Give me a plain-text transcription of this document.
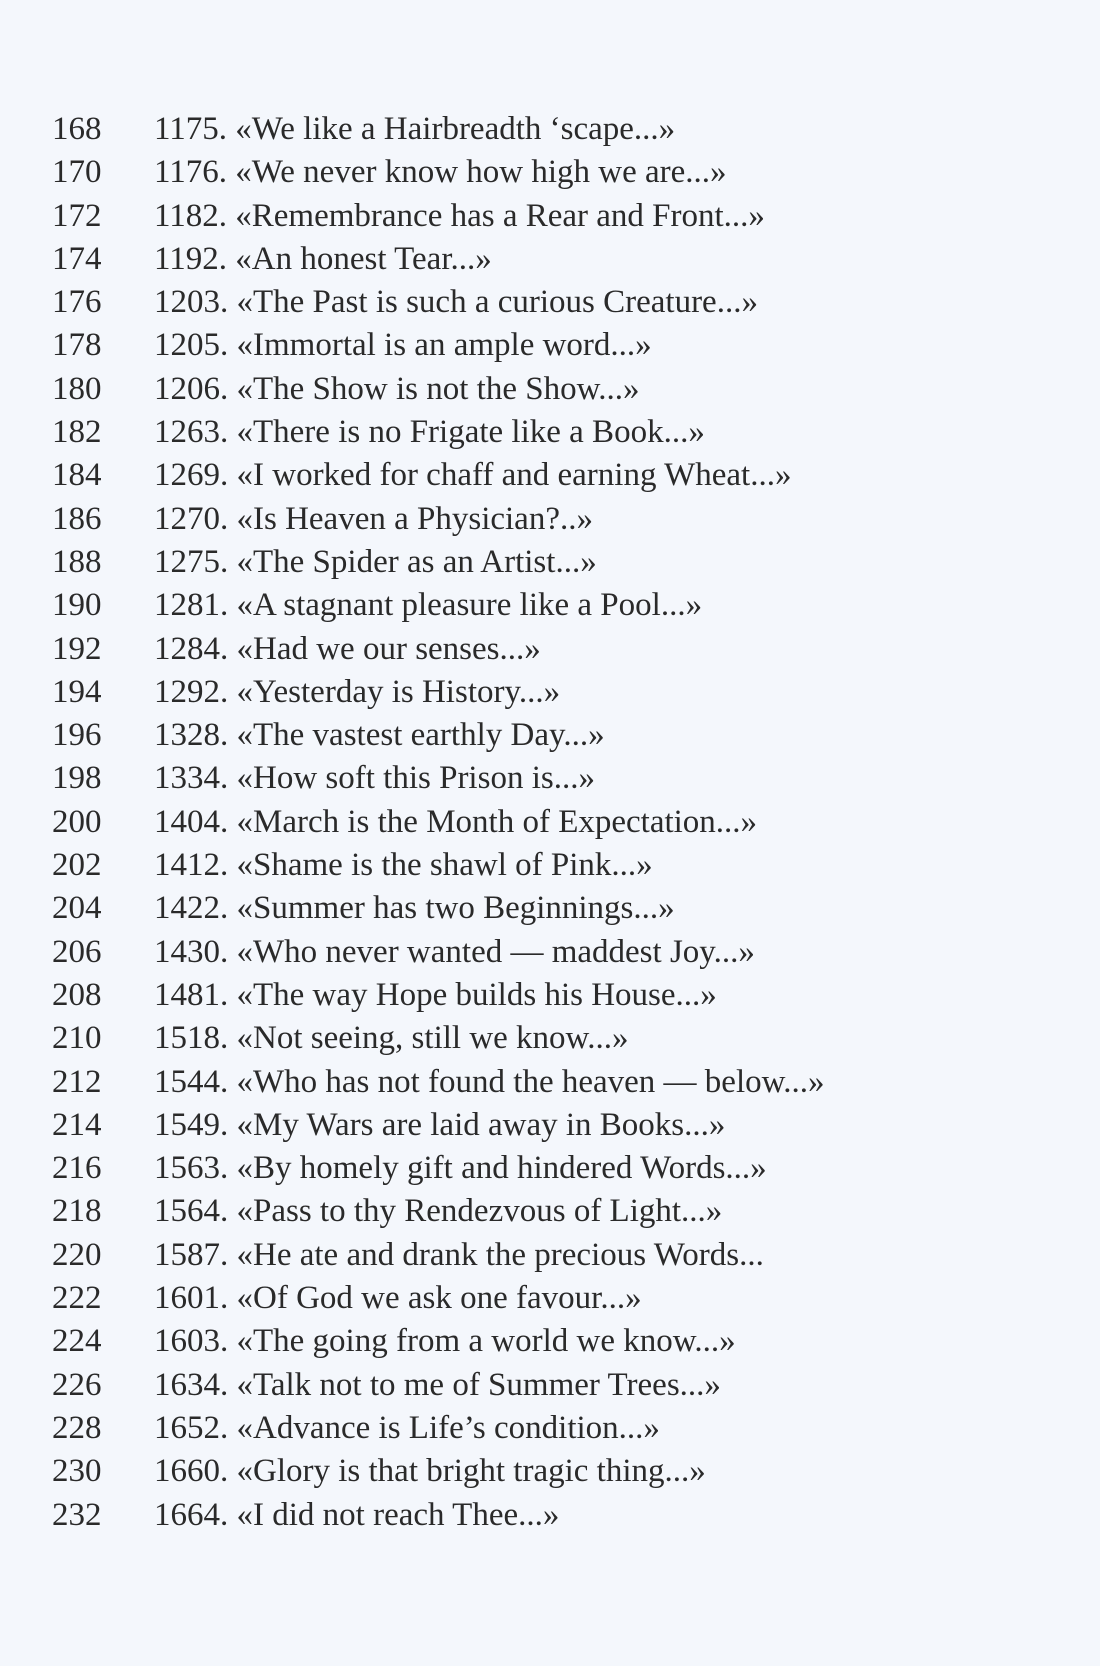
168 1175. «We like a Hairbreadth ‘scape...»
170 1176. «We never know how high we are...»
172 1182. «Remembrance has a Rear and Front...»
174 1192. «An honest Tear...»
176 1203. «The Past is such a curious Creature...»
178 1205. «Immortal is an ample word...»
180 1206. «The Show is not the Show...»
182 1263. «There is no Frigate like a Book...»
184 1269. «I worked for chaff and earning Wheat...»
186 1270. «Is Heaven a Physician?..»
188 1275. «The Spider as an Artist...»
190 1281. «A stagnant pleasure like a Pool...»
192 1284. «Had we our senses...»
194 1292. «Yesterday is History...»
196 1328. «The vastest earthly Day...»
198 1334. «How soft this Prison is...»
200 1404. «March is the Month of Expectation...»
202 1412. «Shame is the shawl of Pink...»
204 1422. «Summer has two Beginnings...»
206 1430. «Who never wanted — maddest Joy...»
208 1481. «The way Hope builds his House...»
210 1518. «Not seeing, still we know...»
212 1544. «Who has not found the heaven — below...»
214 1549. «My Wars are laid away in Books...»
216 1563. «By homely gift and hindered Words...»
218 1564. «Pass to thy Rendezvous of Light...»
220 1587. «He ate and drank the precious Words...
222 1601. «Of God we ask one favour...»
224 1603. «The going from a world we know...»
226 1634. «Talk not to me of Summer Trees...»
228 1652. «Advance is Life’s condition...»
230 1660. «Glory is that bright tragic thing...»
232 1664. «I did not reach Thee...»
